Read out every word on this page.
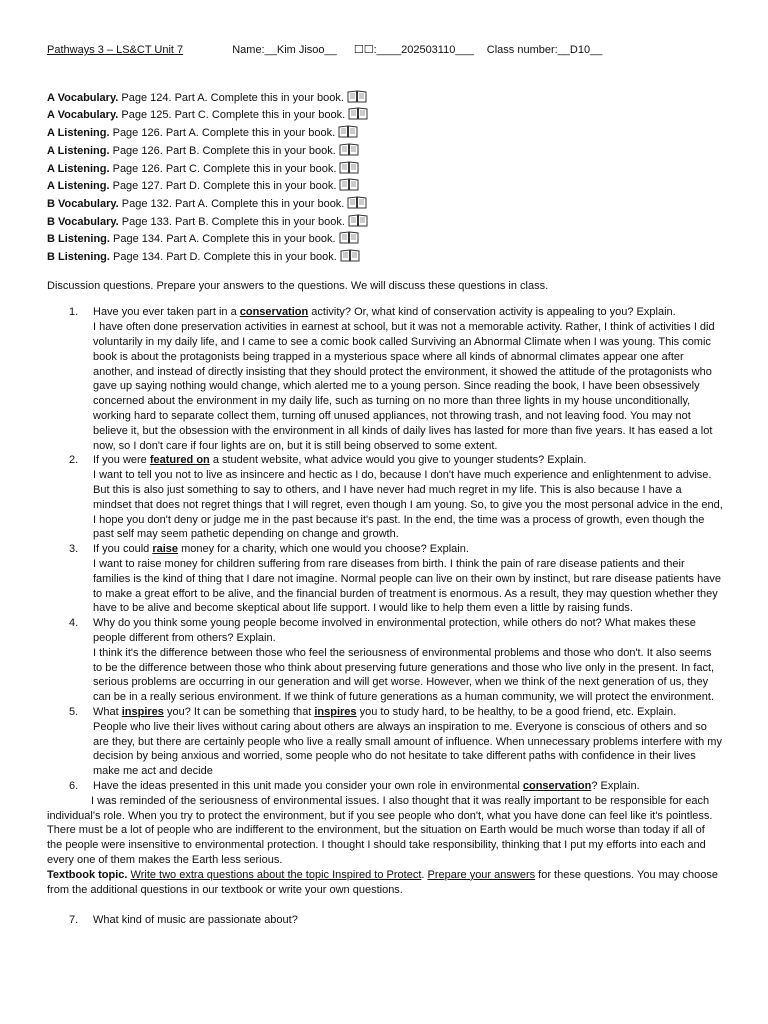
Pathways 3 – LS&CT Unit 7	Name:__Kim Jisoo__ ☐☐:____202503110___ Class number:__D10__
A Vocabulary. Page 124. Part A. Complete this in your book.
A Vocabulary. Page 125. Part C. Complete this in your book.
A Listening. Page 126. Part A. Complete this in your book.
A Listening. Page 126. Part B. Complete this in your book.
A Listening. Page 126. Part C. Complete this in your book.
A Listening. Page 127. Part D. Complete this in your book.
B Vocabulary. Page 132. Part A. Complete this in your book.
B Vocabulary. Page 133. Part B. Complete this in your book.
B Listening. Page 134. Part A. Complete this in your book.
B Listening. Page 134. Part D. Complete this in your book.

Discussion questions. Prepare your answers to the questions. We will discuss these questions in class.

1. Have you ever taken part in a conservation activity? Or, what kind of conservation activity is appealing to you? Explain.
I have often done preservation activities in earnest at school, but it was not a memorable activity. Rather, I think of activities I did voluntarily in my daily life, and I came to see a comic book called Surviving an Abnormal Climate when I was young. This comic book is about the protagonists being trapped in a mysterious space where all kinds of abnormal climates appear one after another, and instead of directly insisting that they should protect the environment, it showed the attitude of the protagonists who gave up saying nothing would change, which alerted me to a young person. Since reading the book, I have been obsessively concerned about the environment in my daily life, such as turning on no more than three lights in my house unconditionally, working hard to separate collect them, turning off unused appliances, not throwing trash, and not leaving food. You may not believe it, but the obsession with the environment in all kinds of daily lives has lasted for more than five years. It has eased a lot now, so I don't care if four lights are on, but it is still being observed to some extent.
2. If you were featured on a student website, what advice would you give to younger students? Explain.
I want to tell you not to live as insincere and hectic as I do, because I don't have much experience and enlightenment to advise. But this is also just something to say to others, and I have never had much regret in my life. This is also because I have a mindset that does not regret things that I will regret, even though I am young. So, to give you the most personal advice in the end, I hope you don't deny or judge me in the past because it's past. In the end, the time was a process of growth, even though the past self may seem pathetic depending on change and growth.
3. If you could raise money for a charity, which one would you choose? Explain.
I want to raise money for children suffering from rare diseases from birth. I think the pain of rare disease patients and their families is the kind of thing that I dare not imagine. Normal people can live on their own by instinct, but rare disease patients have to make a great effort to be alive, and the financial burden of treatment is enormous. As a result, they may question whether they have to be alive and become skeptical about life support. I would like to help them even a little by raising funds.
4. Why do you think some young people become involved in environmental protection, while others do not? What makes these people different from others? Explain.
I think it's the difference between those who feel the seriousness of environmental problems and those who don't. It also seems to be the difference between those who think about preserving future generations and those who live only in the present. In fact, serious problems are occurring in our generation and will get worse. However, when we think of the next generation of us, they can be in a really serious environment. If we think of future generations as a human community, we will protect the environment.
5. What inspires you? It can be something that inspires you to study hard, to be healthy, to be a good friend, etc. Explain.
People who live their lives without caring about others are always an inspiration to me. Everyone is conscious of others and so are they, but there are certainly people who live a really small amount of influence. When unnecessary problems interfere with my decision by being anxious and worried, some people who do not hesitate to take different paths with confidence in their lives make me act and decide
6. Have the ideas presented in this unit made you consider your own role in environmental conservation? Explain.

I was reminded of the seriousness of environmental issues. I also thought that it was really important to be responsible for each individual's role. When you try to protect the environment, but if you see people who don't, what you have done can feel like it's pointless. There must be a lot of people who are indifferent to the environment, but the situation on Earth would be much worse than today if all of the people were insensitive to environmental protection. I thought I should take responsibility, thinking that I put my efforts into each and every one of them makes the Earth less serious.

Textbook topic. Write two extra questions about the topic Inspired to Protect. Prepare your answers for these questions. You may choose from the additional questions in our textbook or write your own questions.

7. What kind of music are passionate about?
